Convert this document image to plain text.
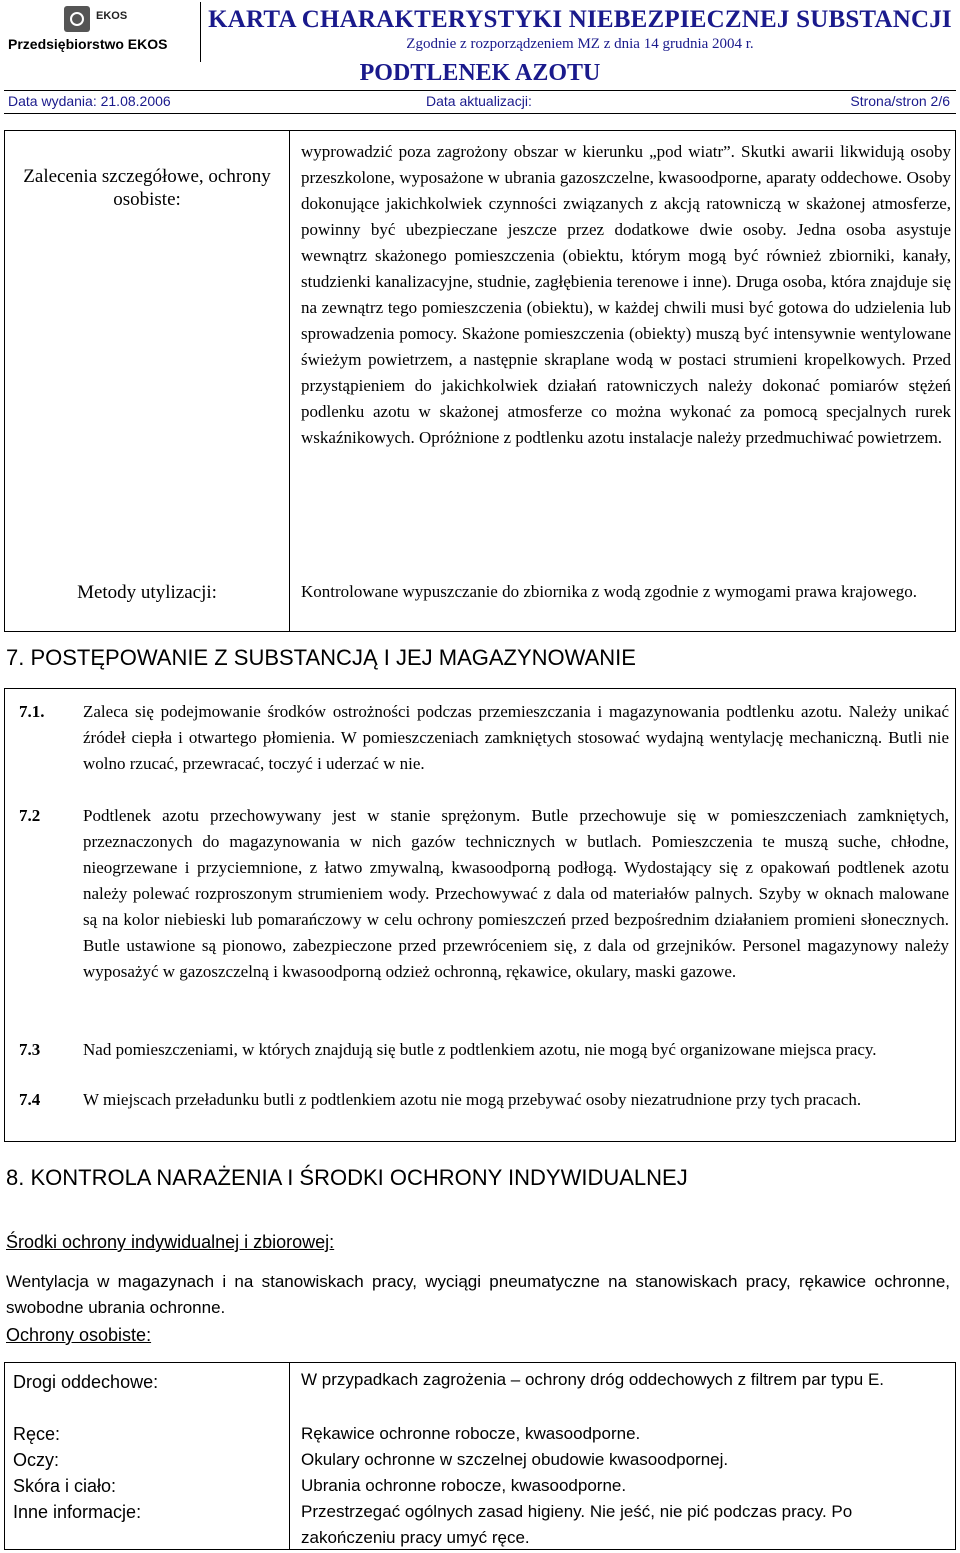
EKOS
Przedsiębiorstwo EKOS
KARTA CHARAKTERYSTYKI NIEBEZPIECZNEJ SUBSTANCJI
Zgodnie z rozporządzeniem MZ z dnia 14 grudnia 2004 r.
PODTLENEK AZOTU
Data wydania: 21.08.2006	Data aktualizacji:	Strona/stron 2/6
Zalecenia szczegółowe, ochrony osobiste:
wyprowadzić poza zagrożony obszar w kierunku „pod wiatr”. Skutki awarii likwidują osoby przeszkolone, wyposażone w ubrania gazoszczelne, kwasoodporne, aparaty oddechowe. Osoby dokonujące jakichkolwiek czynności związanych z akcją ratowniczą w skażonej atmosferze, powinny być ubezpieczane jeszcze przez dodatkowe dwie osoby. Jedna osoba asystuje wewnątrz skażonego pomieszczenia (obiektu, którym mogą być również zbiorniki, kanały, studzienki kanalizacyjne, studnie, zagłębienia terenowe i inne). Druga osoba, która znajduje się na zewnątrz tego pomieszczenia (obiektu), w każdej chwili musi być gotowa do udzielenia lub sprowadzenia pomocy. Skażone pomieszczenia (obiekty) muszą być intensywnie wentylowane świeżym powietrzem, a następnie skraplane wodą w postaci strumieni kropelkowych. Przed przystąpieniem do jakichkolwiek działań ratowniczych należy dokonać pomiarów stężeń podlenku azotu w skażonej atmosferze co można wykonać za pomocą specjalnych rurek wskaźnikowych. Opróżnione z podtlenku azotu instalacje należy przedmuchiwać powietrzem.
Metody utylizacji:	Kontrolowane wypuszczanie do zbiornika z wodą zgodnie z wymogami prawa krajowego.
7. POSTĘPOWANIE Z SUBSTANCJĄ I JEJ MAGAZYNOWANIE
7.1. Zaleca się podejmowanie środków ostrożności podczas przemieszczania i magazynowania podtlenku azotu. Należy unikać źródeł ciepła i otwartego płomienia. W pomieszczeniach zamkniętych stosować wydajną wentylację mechaniczną. Butli nie wolno rzucać, przewracać, toczyć i uderzać w nie.
7.2	Podtlenek azotu przechowywany jest w stanie sprężonym. Butle przechowuje się w pomieszczeniach zamkniętych, przeznaczonych do magazynowania w nich gazów technicznych w butlach. Pomieszczenia te muszą suche, chłodne, nieogrzewane i przyciemnione, z łatwo zmywalną, kwasoodporną podłogą. Wydostający się z opakowań podtlenek azotu należy polewać rozproszonym strumieniem wody. Przechowywać z dala od materiałów palnych. Szyby w oknach malowane są na kolor niebieski lub pomarańczowy w celu ochrony pomieszczeń przed bezpośrednim działaniem promieni słonecznych. Butle ustawione są pionowo, zabezpieczone przed przewróceniem się, z dala od grzejników. Personel magazynowy należy wyposażyć w gazoszczelną i kwasoodporną odzież ochronną, rękawice, okulary, maski gazowe.
7.3	Nad pomieszczeniami, w których znajdują się butle z podtlenkiem azotu, nie mogą być organizowane miejsca pracy.
7.4	W miejscach przeładunku butli z podtlenkiem azotu nie mogą przebywać osoby niezatrudnione przy tych pracach.
8. KONTROLA NARAŻENIA I ŚRODKI OCHRONY INDYWIDUALNEJ
Środki ochrony indywidualnej i zbiorowej:
Wentylacja w magazynach i na stanowiskach pracy, wyciągi pneumatyczne na stanowiskach pracy, rękawice ochronne, swobodne ubrania ochronne.
Ochrony osobiste:
Drogi oddechowe:	W przypadkach zagrożenia – ochrony dróg oddechowych z filtrem par typu E.
Ręce:	Rękawice ochronne robocze, kwasoodporne.
Oczy:	Okulary ochronne w szczelnej obudowie kwasoodpornej.
Skóra i ciało:	Ubrania ochronne robocze, kwasoodporne.
Inne informacje:	Przestrzegać ogólnych zasad higieny. Nie jeść, nie pić podczas pracy. Po zakończeniu pracy umyć ręce.
